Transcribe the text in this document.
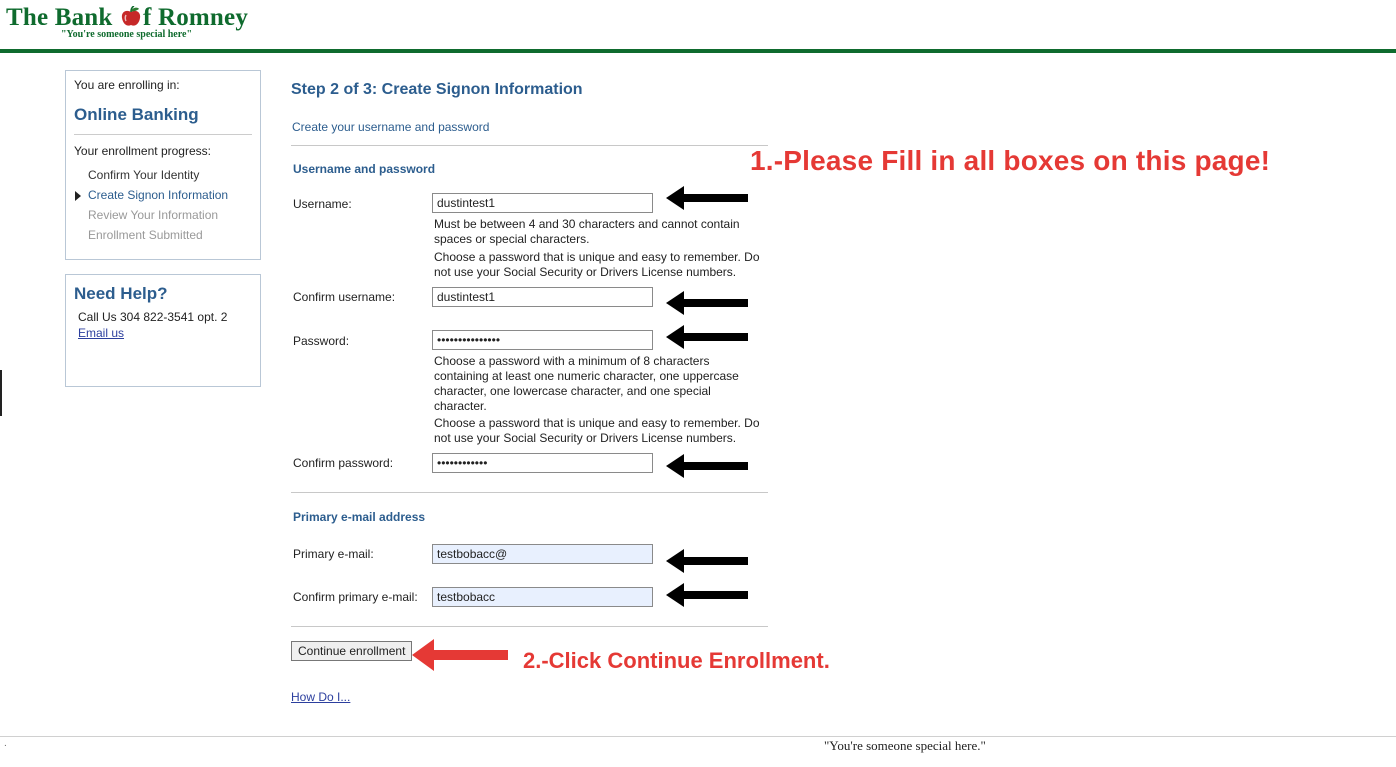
The Bank f Romney
"You're someone special here"
You are enrolling in:
Online Banking
Your enrollment progress:
Confirm Your Identity
Create Signon Information
Review Your Information
Enrollment Submitted
Need Help?
Call Us 304 822-3541 opt. 2
Email us
Step 2 of 3: Create Signon Information
Create your username and password
Username and password
Username:
dustintest1
Must be between 4 and 30 characters and cannot contain spaces or special characters.
Choose a password that is unique and easy to remember. Do not use your Social Security or Drivers License numbers.
Confirm username:
dustintest1
Password:
•••••••••••••••
Choose a password with a minimum of 8 characters containing at least one numeric character, one uppercase character, one lowercase character, and one special character.
Choose a password that is unique and easy to remember. Do not use your Social Security or Drivers License numbers.
Confirm password:
••••••••••••
Primary e-mail address
Primary e-mail:
testbobacc@
Confirm primary e-mail:
testbobacc
Continue enrollment
How Do I...
1.-Please Fill in all boxes on this page!
2.-Click Continue Enrollment.
.	"You're someone special here."
